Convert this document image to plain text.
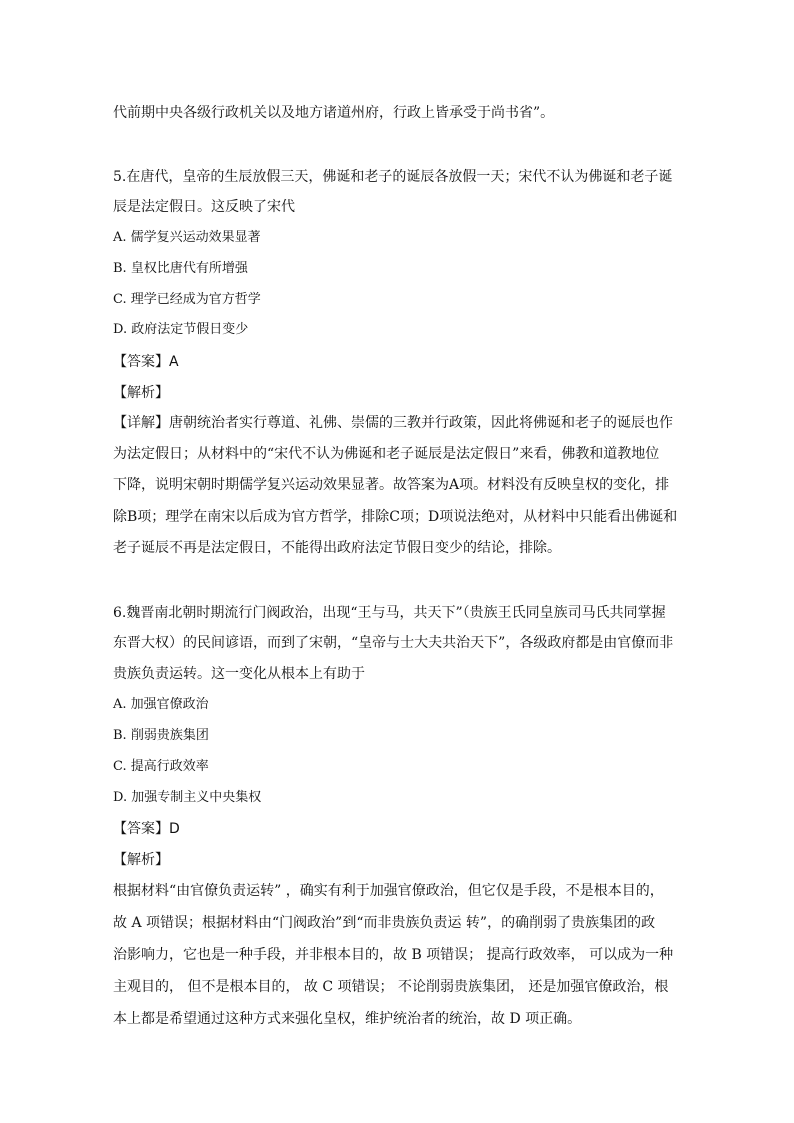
代前期中央各级行政机关以及地方诸道州府，行政上皆承受于尚书省”。
5.在唐代，皇帝的生辰放假三天，佛诞和老子的诞辰各放假一天；宋代不认为佛诞和老子诞
辰是法定假日。这反映了宋代
A. 儒学复兴运动效果显著
B. 皇权比唐代有所增强
C. 理学已经成为官方哲学
D. 政府法定节假日变少
【答案】A
【解析】
【详解】唐朝统治者实行尊道、礼佛、崇儒的三教并行政策，因此将佛诞和老子的诞辰也作
为法定假日；从材料中的“宋代不认为佛诞和老子诞辰是法定假日”来看，佛教和道教地位
下降，说明宋朝时期儒学复兴运动效果显著。故答案为A项。材料没有反映皇权的变化，排
除B项；理学在南宋以后成为官方哲学，排除C项；D项说法绝对，从材料中只能看出佛诞和
老子诞辰不再是法定假日，不能得出政府法定节假日变少的结论，排除。
6.魏晋南北朝时期流行门阀政治，出现“王与马，共天下”（贵族王氏同皇族司马氏共同掌握
东晋大权）的民间谚语，而到了宋朝，“皇帝与士大夫共治天下”，各级政府都是由官僚而非
贵族负责运转。这一变化从根本上有助于
A. 加强官僚政治
B. 削弱贵族集团
C. 提高行政效率
D. 加强专制主义中央集权
【答案】D
【解析】
根据材料“由官僚负责运转” ，确实有利于加强官僚政治，但它仅是手段，不是根本目的，
故 A 项错误；根据材料由“门阀政治”到“而非贵族负责运 转”，的确削弱了贵族集团的政
治影响力，它也是一种手段，并非根本目的，故 B 项错误； 提高行政效率， 可以成为一种
主观目的， 但不是根本目的， 故 C 项错误； 不论削弱贵族集团， 还是加强官僚政治，根
本上都是希望通过这种方式来强化皇权，维护统治者的统治，故 D 项正确。
